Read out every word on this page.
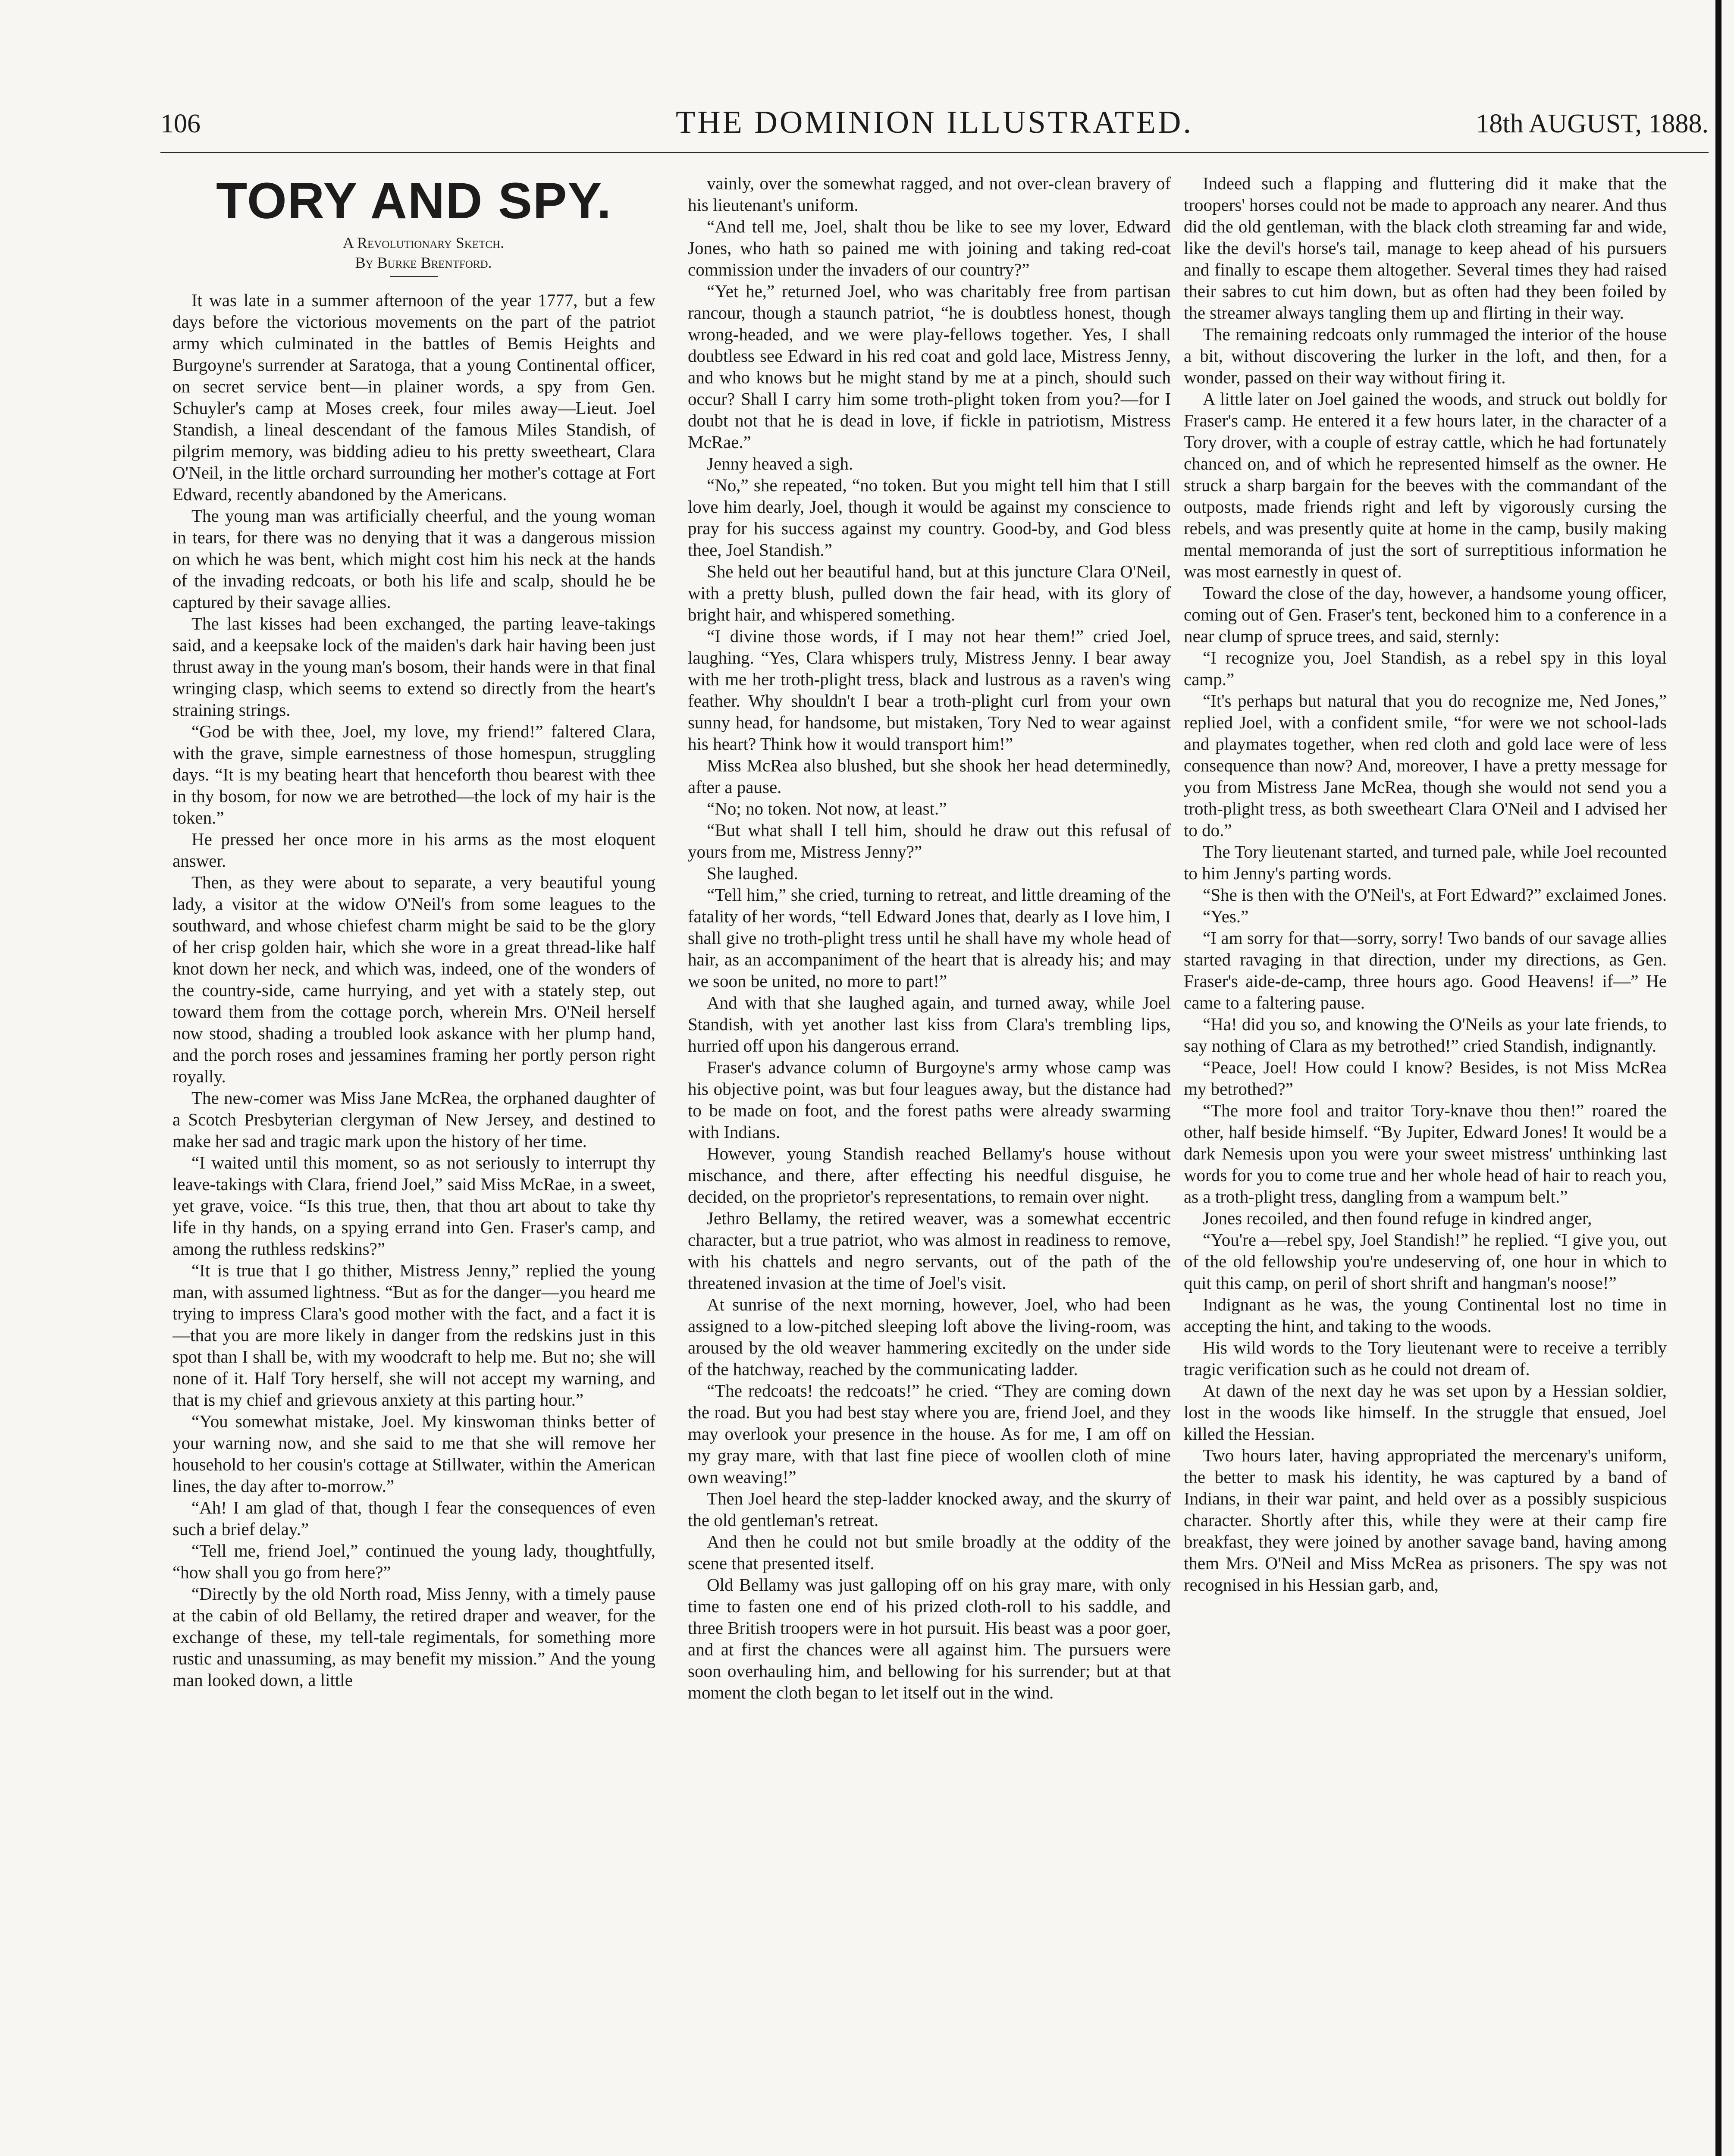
106	THE DOMINION ILLUSTRATED.	18th AUGUST, 1888.
TORY AND SPY.

A Revolutionary Sketch.

By Burke Brentford.

It was late in a summer afternoon of the year 1777, but a few days before the victorious movements on the part of the patriot army which culminated in the battles of Bemis Heights and Burgoyne's surrender at Saratoga, that a young Continental officer, on secret service bent—in plainer words, a spy from Gen. Schuyler's camp at Moses creek, four miles away—Lieut. Joel Standish, a lineal descendant of the famous Miles Standish, of pilgrim memory, was bidding adieu to his pretty sweetheart, Clara O'Neil, in the little orchard surrounding her mother's cottage at Fort Edward, recently abandoned by the Americans.

The young man was artificially cheerful, and the young woman in tears, for there was no denying that it was a dangerous mission on which he was bent, which might cost him his neck at the hands of the invading redcoats, or both his life and scalp, should he be captured by their savage allies.

The last kisses had been exchanged, the parting leave-takings said, and a keepsake lock of the maiden's dark hair having been just thrust away in the young man's bosom, their hands were in that final wringing clasp, which seems to extend so directly from the heart's straining strings.

“God be with thee, Joel, my love, my friend!” faltered Clara, with the grave, simple earnestness of those homespun, struggling days. “It is my beating heart that henceforth thou bearest with thee in thy bosom, for now we are betrothed—the lock of my hair is the token.”

He pressed her once more in his arms as the most eloquent answer.

Then, as they were about to separate, a very beautiful young lady, a visitor at the widow O'Neil's from some leagues to the southward, and whose chiefest charm might be said to be the glory of her crisp golden hair, which she wore in a great thread-like half knot down her neck, and which was, indeed, one of the wonders of the country-side, came hurrying, and yet with a stately step, out toward them from the cottage porch, wherein Mrs. O'Neil herself now stood, shading a troubled look askance with her plump hand, and the porch roses and jessamines framing her portly person right royally.

The new-comer was Miss Jane McRea, the orphaned daughter of a Scotch Presbyterian clergyman of New Jersey, and destined to make her sad and tragic mark upon the history of her time.

“I waited until this moment, so as not seriously to interrupt thy leave-takings with Clara, friend Joel,” said Miss McRae, in a sweet, yet grave, voice. “Is this true, then, that thou art about to take thy life in thy hands, on a spying errand into Gen. Fraser's camp, and among the ruthless redskins?”

“It is true that I go thither, Mistress Jenny,” replied the young man, with assumed lightness. “But as for the danger—you heard me trying to impress Clara's good mother with the fact, and a fact it is—that you are more likely in danger from the redskins just in this spot than I shall be, with my woodcraft to help me. But no; she will none of it. Half Tory herself, she will not accept my warning, and that is my chief and grievous anxiety at this parting hour.”

“You somewhat mistake, Joel. My kinswoman thinks better of your warning now, and she said to me that she will remove her household to her cousin's cottage at Stillwater, within the American lines, the day after to-morrow.”

“Ah! I am glad of that, though I fear the consequences of even such a brief delay.”

“Tell me, friend Joel,” continued the young lady, thoughtfully, “how shall you go from here?”

“Directly by the old North road, Miss Jenny, with a timely pause at the cabin of old Bellamy, the retired draper and weaver, for the exchange of these, my tell-tale regimentals, for something more rustic and unassuming, as may benefit my mission.” And the young man looked down, a little

vainly, over the somewhat ragged, and not over-clean bravery of his lieutenant's uniform.

“And tell me, Joel, shalt thou be like to see my lover, Edward Jones, who hath so pained me with joining and taking red-coat commission under the invaders of our country?”

“Yet he,” returned Joel, who was charitably free from partisan rancour, though a staunch patriot, “he is doubtless honest, though wrong-headed, and we were play-fellows together. Yes, I shall doubtless see Edward in his red coat and gold lace, Mistress Jenny, and who knows but he might stand by me at a pinch, should such occur? Shall I carry him some troth-plight token from you?—for I doubt not that he is dead in love, if fickle in patriotism, Mistress McRae.”

Jenny heaved a sigh.

“No,” she repeated, “no token. But you might tell him that I still love him dearly, Joel, though it would be against my conscience to pray for his success against my country. Good-by, and God bless thee, Joel Standish.”

She held out her beautiful hand, but at this juncture Clara O'Neil, with a pretty blush, pulled down the fair head, with its glory of bright hair, and whispered something.

“I divine those words, if I may not hear them!” cried Joel, laughing. “Yes, Clara whispers truly, Mistress Jenny. I bear away with me her troth-plight tress, black and lustrous as a raven's wing feather. Why shouldn't I bear a troth-plight curl from your own sunny head, for handsome, but mistaken, Tory Ned to wear against his heart? Think how it would transport him!”

Miss McRea also blushed, but she shook her head determinedly, after a pause.

“No; no token. Not now, at least.”

“But what shall I tell him, should he draw out this refusal of yours from me, Mistress Jenny?”

She laughed.

“Tell him,” she cried, turning to retreat, and little dreaming of the fatality of her words, “tell Edward Jones that, dearly as I love him, I shall give no troth-plight tress until he shall have my whole head of hair, as an accompaniment of the heart that is already his; and may we soon be united, no more to part!”

And with that she laughed again, and turned away, while Joel Standish, with yet another last kiss from Clara's trembling lips, hurried off upon his dangerous errand.

Fraser's advance column of Burgoyne's army whose camp was his objective point, was but four leagues away, but the distance had to be made on foot, and the forest paths were already swarming with Indians.

However, young Standish reached Bellamy's house without mischance, and there, after effecting his needful disguise, he decided, on the proprietor's representations, to remain over night.

Jethro Bellamy, the retired weaver, was a somewhat eccentric character, but a true patriot, who was almost in readiness to remove, with his chattels and negro servants, out of the path of the threatened invasion at the time of Joel's visit.

At sunrise of the next morning, however, Joel, who had been assigned to a low-pitched sleeping loft above the living-room, was aroused by the old weaver hammering excitedly on the under side of the hatchway, reached by the communicating ladder.

“The redcoats! the redcoats!” he cried. “They are coming down the road. But you had best stay where you are, friend Joel, and they may overlook your presence in the house. As for me, I am off on my gray mare, with that last fine piece of woollen cloth of mine own weaving!”

Then Joel heard the step-ladder knocked away, and the skurry of the old gentleman's retreat.

And then he could not but smile broadly at the oddity of the scene that presented itself.

Old Bellamy was just galloping off on his gray mare, with only time to fasten one end of his prized cloth-roll to his saddle, and three British troopers were in hot pursuit. His beast was a poor goer, and at first the chances were all against him. The pursuers were soon overhauling him, and bellowing for his surrender; but at that moment the cloth began to let itself out in the wind.

Indeed such a flapping and fluttering did it make that the troopers' horses could not be made to approach any nearer. And thus did the old gentleman, with the black cloth streaming far and wide, like the devil's horse's tail, manage to keep ahead of his pursuers and finally to escape them altogether. Several times they had raised their sabres to cut him down, but as often had they been foiled by the streamer always tangling them up and flirting in their way.

The remaining redcoats only rummaged the interior of the house a bit, without discovering the lurker in the loft, and then, for a wonder, passed on their way without firing it.

A little later on Joel gained the woods, and struck out boldly for Fraser's camp. He entered it a few hours later, in the character of a Tory drover, with a couple of estray cattle, which he had fortunately chanced on, and of which he represented himself as the owner. He struck a sharp bargain for the beeves with the commandant of the outposts, made friends right and left by vigorously cursing the rebels, and was presently quite at home in the camp, busily making mental memoranda of just the sort of surreptitious information he was most earnestly in quest of.

Toward the close of the day, however, a handsome young officer, coming out of Gen. Fraser's tent, beckoned him to a conference in a near clump of spruce trees, and said, sternly:

“I recognize you, Joel Standish, as a rebel spy in this loyal camp.”

“It's perhaps but natural that you do recognize me, Ned Jones,” replied Joel, with a confident smile, “for were we not school-lads and playmates together, when red cloth and gold lace were of less consequence than now? And, moreover, I have a pretty message for you from Mistress Jane McRea, though she would not send you a troth-plight tress, as both sweetheart Clara O'Neil and I advised her to do.”

The Tory lieutenant started, and turned pale, while Joel recounted to him Jenny's parting words.

“She is then with the O'Neil's, at Fort Edward?” exclaimed Jones.

“Yes.”

“I am sorry for that—sorry, sorry! Two bands of our savage allies started ravaging in that direction, under my directions, as Gen. Fraser's aide-de-camp, three hours ago. Good Heavens! if—” He came to a faltering pause.

“Ha! did you so, and knowing the O'Neils as your late friends, to say nothing of Clara as my betrothed!” cried Standish, indignantly.

“Peace, Joel! How could I know? Besides, is not Miss McRea my betrothed?”

“The more fool and traitor Tory-knave thou then!” roared the other, half beside himself. “By Jupiter, Edward Jones! It would be a dark Nemesis upon you were your sweet mistress' unthinking last words for you to come true and her whole head of hair to reach you, as a troth-plight tress, dangling from a wampum belt.”

Jones recoiled, and then found refuge in kindred anger,

“You're a—rebel spy, Joel Standish!” he replied. “I give you, out of the old fellowship you're undeserving of, one hour in which to quit this camp, on peril of short shrift and hangman's noose!”

Indignant as he was, the young Continental lost no time in accepting the hint, and taking to the woods.

His wild words to the Tory lieutenant were to receive a terribly tragic verification such as he could not dream of.

At dawn of the next day he was set upon by a Hessian soldier, lost in the woods like himself. In the struggle that ensued, Joel killed the Hessian.

Two hours later, having appropriated the mercenary's uniform, the better to mask his identity, he was captured by a band of Indians, in their war paint, and held over as a possibly suspicious character. Shortly after this, while they were at their camp fire breakfast, they were joined by another savage band, having among them Mrs. O'Neil and Miss McRea as prisoners. The spy was not recognised in his Hessian garb, and,
